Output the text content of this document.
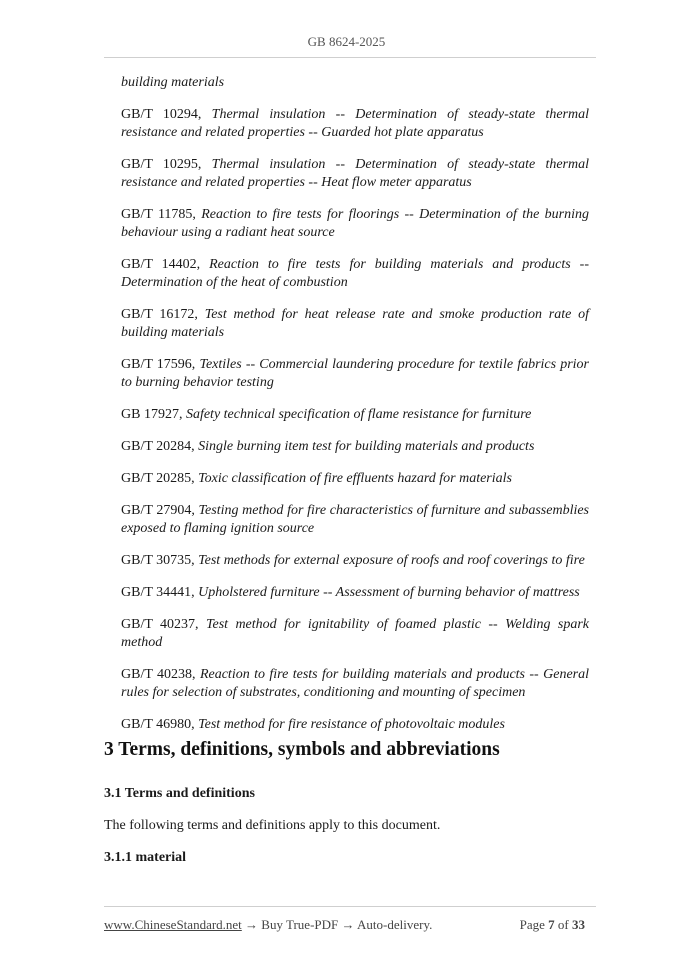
GB 8624-2025

building materials

GB/T 10294, Thermal insulation -- Determination of steady-state thermal resistance and related properties -- Guarded hot plate apparatus

GB/T 10295, Thermal insulation -- Determination of steady-state thermal resistance and related properties -- Heat flow meter apparatus

GB/T 11785, Reaction to fire tests for floorings -- Determination of the burning behaviour using a radiant heat source

GB/T 14402, Reaction to fire tests for building materials and products -- Determination of the heat of combustion

GB/T 16172, Test method for heat release rate and smoke production rate of building materials

GB/T 17596, Textiles -- Commercial laundering procedure for textile fabrics prior to burning behavior testing

GB 17927, Safety technical specification of flame resistance for furniture

GB/T 20284, Single burning item test for building materials and products

GB/T 20285, Toxic classification of fire effluents hazard for materials

GB/T 27904, Testing method for fire characteristics of furniture and subassemblies exposed to flaming ignition source

GB/T 30735, Test methods for external exposure of roofs and roof coverings to fire

GB/T 34441, Upholstered furniture -- Assessment of burning behavior of mattress

GB/T 40237, Test method for ignitability of foamed plastic -- Welding spark method

GB/T 40238, Reaction to fire tests for building materials and products -- General rules for selection of substrates, conditioning and mounting of specimen

GB/T 46980, Test method for fire resistance of photovoltaic modules

3 Terms, definitions, symbols and abbreviations
3.1 Terms and definitions
The following terms and definitions apply to this document.
3.1.1 material
www.ChineseStandard.net → Buy True-PDF → Auto-delivery.	Page 7 of 33
